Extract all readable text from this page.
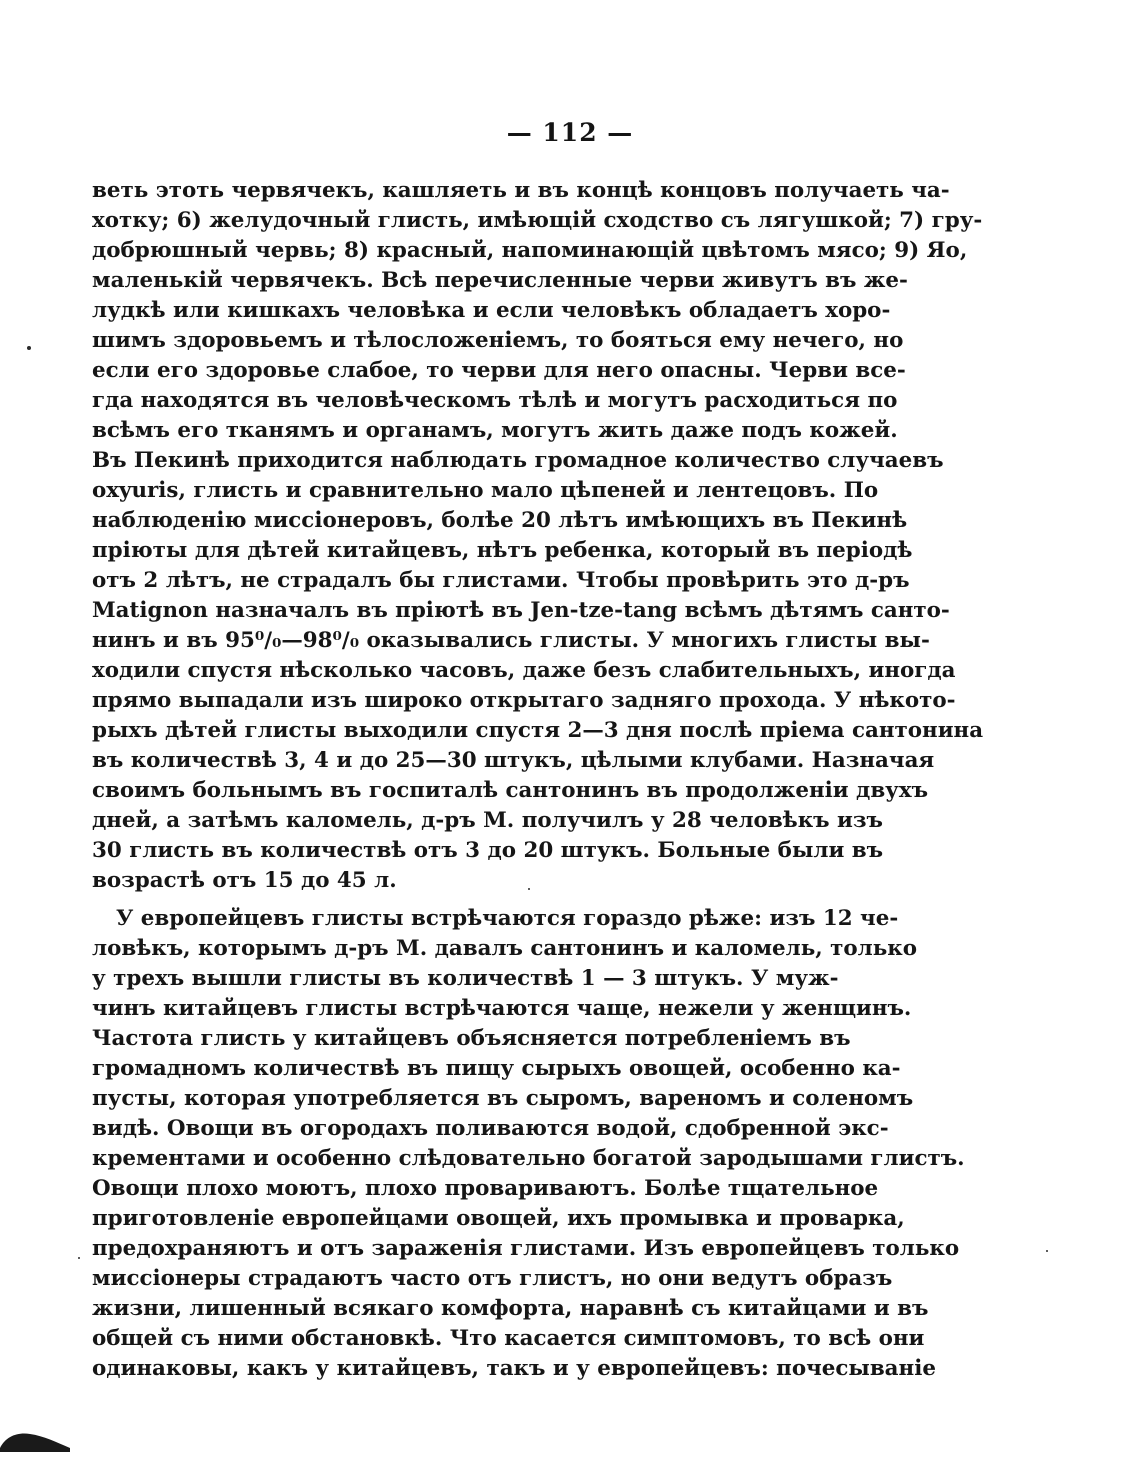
— 112 —
веть этоть червячекъ, кашляеть и въ концѣ концовъ получаеть ча-
хотку; 6) желудочный глисть, имѣющій сходство съ лягушкой; 7) гру-
добрюшный червь; 8) красный, напоминающій цвѣтомъ мясо; 9) Яо,
маленькій червячекъ. Всѣ перечисленные черви живутъ въ же-
лудкѣ или кишкахъ человѣка и если человѣкъ обладаетъ хоро-
шимъ здоровьемъ и тѣлосложеніемъ, то бояться ему нечего, но
если его здоровье слабое, то черви для него опасны. Черви все-
гда находятся въ человѣческомъ тѣлѣ и могутъ расходиться по
всѣмъ его тканямъ и органамъ, могутъ жить даже подъ кожей.
Въ Пекинѣ приходится наблюдать громадное количество случаевъ
oxyuris, глисть и сравнительно мало цѣпеней и лентецовъ. По
наблюденію миссіонеровъ, болѣе 20 лѣтъ имѣющихъ въ Пекинѣ
пріюты для дѣтей китайцевъ, нѣтъ ребенка, который въ періодѣ
отъ 2 лѣтъ, не страдалъ бы глистами. Чтобы провѣрить это д-ръ
Matignon назначалъ въ пріютѣ въ Jen-tze-tang всѣмъ дѣтямъ санто-
нинъ и въ 95⁰/₀—98⁰/₀ оказывались глисты. У многихъ глисты вы-
ходили спустя нѣсколько часовъ, даже безъ слабительныхъ, иногда
прямо выпадали изъ широко открытаго задняго прохода. У нѣкото-
рыхъ дѣтей глисты выходили спустя 2—3 дня послѣ пріема сантонина
въ количествѣ 3, 4 и до 25—30 штукъ, цѣлыми клубами. Назначая
своимъ больнымъ въ госпиталѣ сантонинъ въ продолженіи двухъ
дней, а затѣмъ каломель, д-ръ М. получилъ у 28 человѣкъ изъ
30 глисть въ количествѣ отъ 3 до 20 штукъ. Больные были въ
возрастѣ отъ 15 до 45 л.
У европейцевъ глисты встрѣчаются гораздо рѣже: изъ 12 че-
ловѣкъ, которымъ д-ръ М. давалъ сантонинъ и каломель, только
у трехъ вышли глисты въ количествѣ 1 — 3 штукъ. У муж-
чинъ китайцевъ глисты встрѣчаются чаще, нежели у женщинъ.
Частота глисть у китайцевъ объясняется потребленіемъ въ
громадномъ количествѣ въ пищу сырыхъ овощей, особенно ка-
пусты, которая употребляется въ сыромъ, вареномъ и соленомъ
видѣ. Овощи въ огородахъ поливаются водой, сдобренной экс-
крементами и особенно слѣдовательно богатой зародышами глистъ.
Овощи плохо моютъ, плохо провариваютъ. Болѣе тщательное
приготовленіе европейцами овощей, ихъ промывка и проварка,
предохраняютъ и отъ зараженія глистами. Изъ европейцевъ только
миссіонеры страдаютъ часто отъ глистъ, но они ведутъ образъ
жизни, лишенный всякаго комфорта, наравнѣ съ китайцами и въ
общей съ ними обстановкѣ. Что касается симптомовъ, то всѣ они
одинаковы, какъ у китайцевъ, такъ и у европейцевъ: почесываніе
